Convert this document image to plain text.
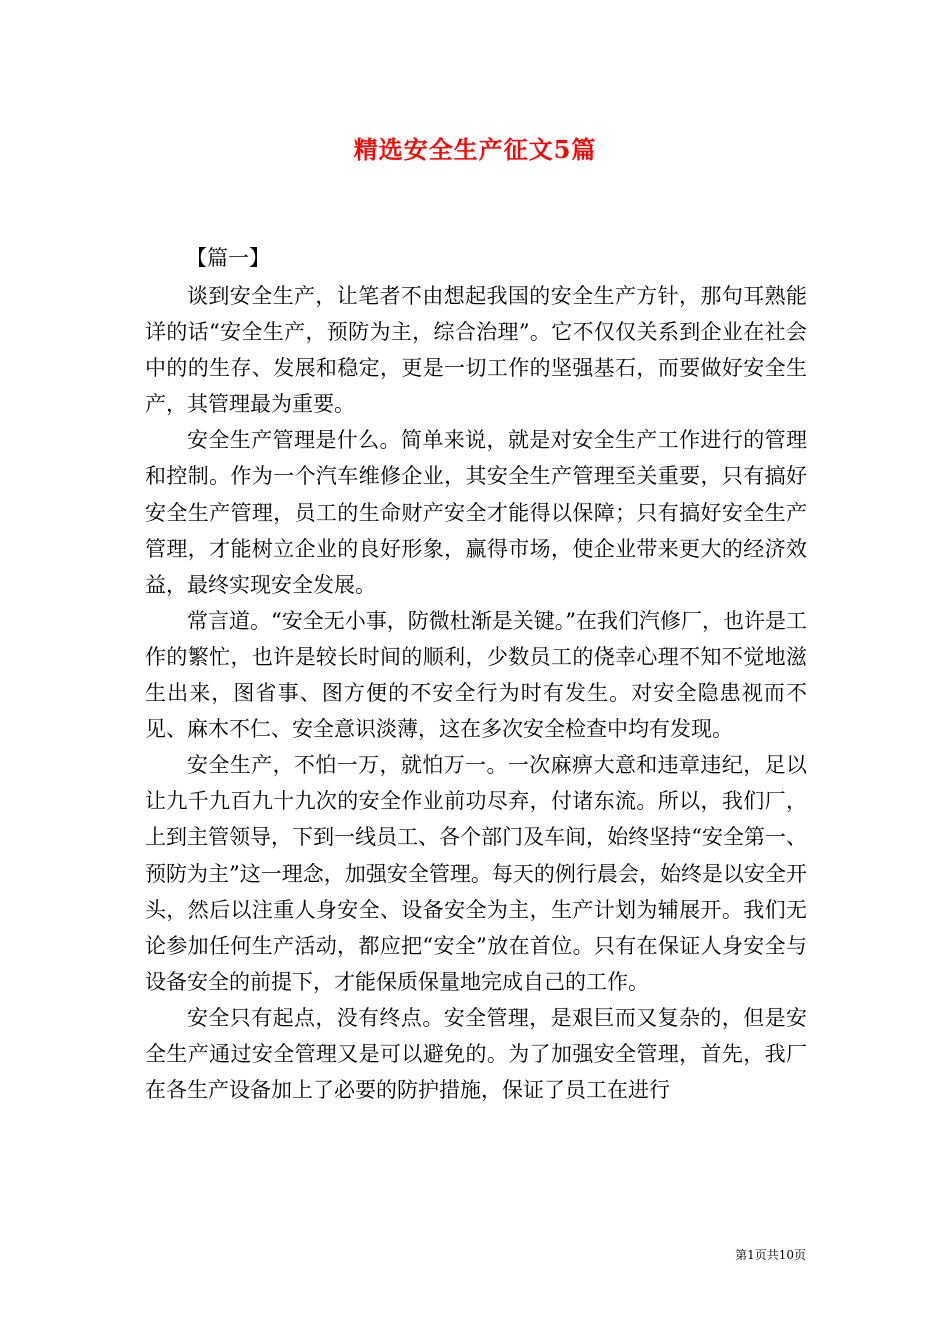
精选安全生产征文5篇
【篇一】

谈到安全生产，让笔者不由想起我国的安全生产方针，那句耳熟能详的话“安全生产，预防为主，综合治理”。它不仅仅关系到企业在社会中的的生存、发展和稳定，更是一切工作的坚强基石，而要做好安全生产，其管理最为重要。

安全生产管理是什么。简单来说，就是对安全生产工作进行的管理和控制。作为一个汽车维修企业，其安全生产管理至关重要，只有搞好安全生产管理，员工的生命财产安全才能得以保障；只有搞好安全生产管理，才能树立企业的良好形象，赢得市场，使企业带来更大的经济效益，最终实现安全发展。

常言道。“安全无小事，防微杜渐是关键。”在我们汽修厂，也许是工作的繁忙，也许是较长时间的顺利，少数员工的侥幸心理不知不觉地滋生出来，图省事、图方便的不安全行为时有发生。对安全隐患视而不见、麻木不仁、安全意识淡薄，这在多次安全检查中均有发现。

安全生产，不怕一万，就怕万一。一次麻痹大意和违章违纪，足以让九千九百九十九次的安全作业前功尽弃，付诸东流。所以，我们厂，上到主管领导，下到一线员工、各个部门及车间，始终坚持“安全第一、预防为主”这一理念，加强安全管理。每天的例行晨会，始终是以安全开头，然后以注重人身安全、设备安全为主，生产计划为辅展开。我们无论参加任何生产活动，都应把“安全”放在首位。只有在保证人身安全与设备安全的前提下，才能保质保量地完成自己的工作。

安全只有起点，没有终点。安全管理，是艰巨而又复杂的，但是安全生产通过安全管理又是可以避免的。为了加强安全管理，首先，我厂在各生产设备加上了必要的防护措施，保证了员工在进行

第1页共10页
